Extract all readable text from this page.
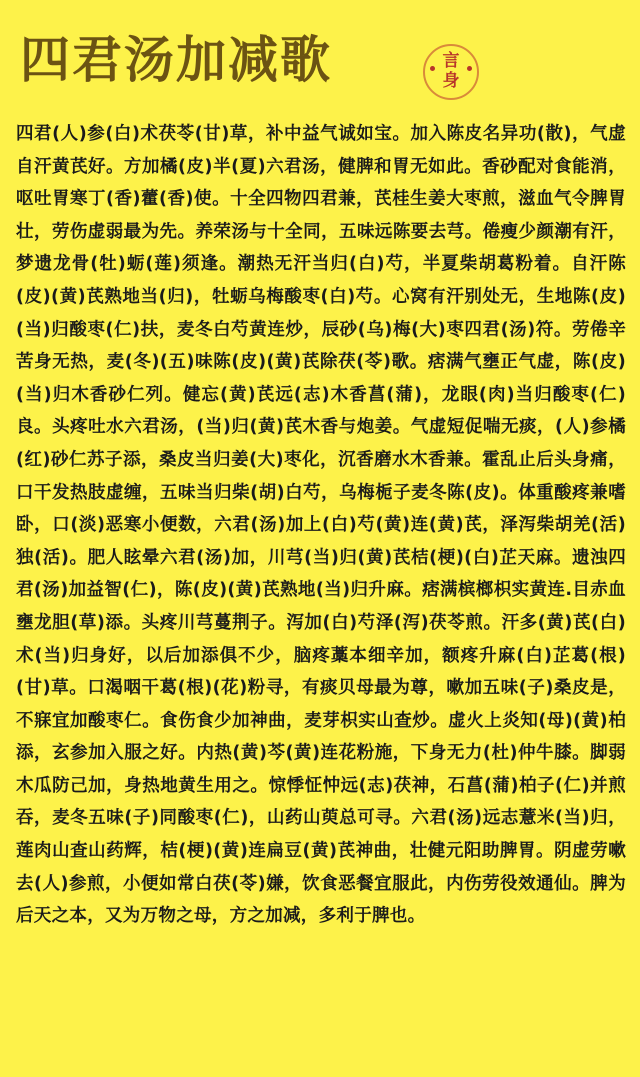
四君汤加减歌	言
身

四君(人)参(白)术茯苓(甘)草，补中益气诚如宝。加入陈皮名异功(散)，气虚自汗黄芪好。方加橘(皮)半(夏)六君汤，健脾和胃无如此。香砂配对食能消，呕吐胃寒丁(香)藿(香)使。十全四物四君兼，芪桂生姜大枣煎，滋血气令脾胃壮，劳伤虚弱最为先。养荣汤与十全同，五味远陈要去芎。倦瘦少颜潮有汗，梦遗龙骨(牡)蛎(莲)须逢。潮热无汗当归(白)芍，半夏柴胡葛粉着。自汗陈(皮)(黄)芪熟地当(归)，牡蛎乌梅酸枣(白)芍。心窝有汗别处无，生地陈(皮)(当)归酸枣(仁)扶，麦冬白芍黄连炒，辰砂(乌)梅(大)枣四君(汤)符。劳倦辛苦身无热，麦(冬)(五)味陈(皮)(黄)芪除茯(苓)歌。痞满气壅正气虚，陈(皮)(当)归木香砂仁列。健忘(黄)芪远(志)木香菖(蒲)，龙眼(肉)当归酸枣(仁)良。头疼吐水六君汤，(当)归(黄)芪木香与炮姜。气虚短促喘无痰，(人)参橘(红)砂仁苏子添，桑皮当归姜(大)枣化，沉香磨水木香兼。霍乱止后头身痛，口干发热肢虚缠，五味当归柴(胡)白芍，乌梅栀子麦冬陈(皮)。体重酸疼兼嗜卧，口(淡)恶寒小便数，六君(汤)加上(白)芍(黄)连(黄)芪，泽泻柴胡羌(活)独(活)。肥人眩晕六君(汤)加，川芎(当)归(黄)芪桔(梗)(白)芷天麻。遗浊四君(汤)加益智(仁)，陈(皮)(黄)芪熟地(当)归升麻。痞满槟榔枳实黄连.目赤血壅龙胆(草)添。头疼川芎蔓荆子。泻加(白)芍泽(泻)茯苓煎。汗多(黄)芪(白)术(当)归身好，以后加添俱不少，脑疼藁本细辛加，额疼升麻(白)芷葛(根)(甘)草。口渴咽干葛(根)(花)粉寻，有痰贝母最为尊，嗽加五味(子)桑皮是，不寐宜加酸枣仁。食伤食少加神曲，麦芽枳实山查炒。虚火上炎知(母)(黄)柏添，玄参加入服之好。内热(黄)芩(黄)连花粉施，下身无力(杜)仲牛膝。脚弱木瓜防己加，身热地黄生用之。惊悸怔忡远(志)茯神，石菖(蒲)柏子(仁)并煎吞，麦冬五味(子)同酸枣(仁)，山药山萸总可寻。六君(汤)远志薏米(当)归，莲肉山查山药辉，桔(梗)(黄)连扁豆(黄)芪神曲，壮健元阳助脾胃。阴虚劳嗽去(人)参煎，小便如常白茯(苓)嫌，饮食恶餐宜服此，内伤劳役效通仙。脾为后天之本，又为万物之母，方之加减，多利于脾也。
